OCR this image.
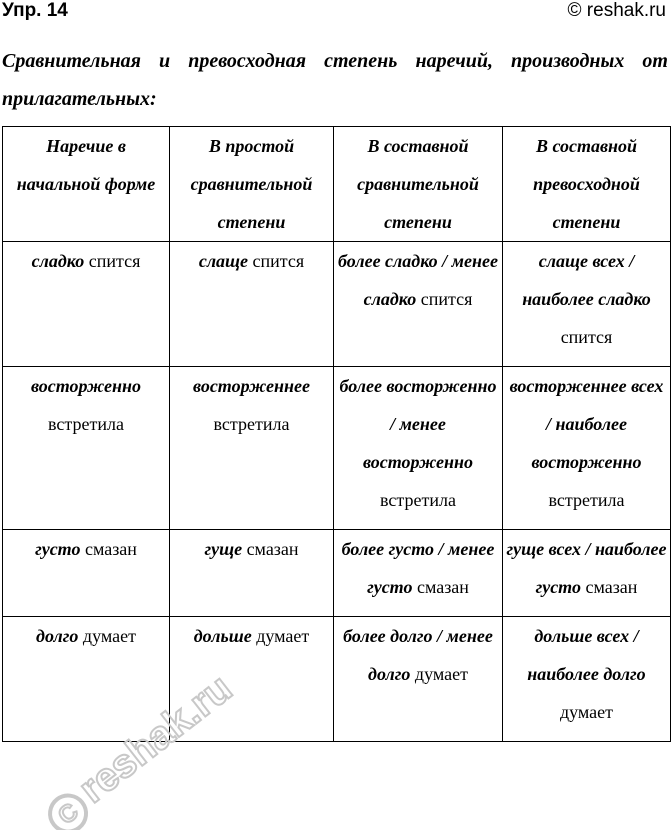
Упр. 14	© reshak.ru
Сравнительная и превосходная степень наречий, производных от прилагательных:
Наречие в начальной форме	В простой сравнительной степени	В составной сравнительной степени	В составной превосходной степени
сладко спится	слаще спится	более сладко / менее сладко спится	слаще всех / наиболее сладко спится
восторженно встретила	восторженнее встретила	более восторженно / менее восторженно встретила	восторженнее всех / наиболее восторженно встретила
густо смазан	гуще смазан	более густо / менее густо смазан	гуще всех / наиболее густо смазан
долго думает	дольше думает	более долго / менее долго думает	дольше всех / наиболее долго думает
C
reshak.ru
